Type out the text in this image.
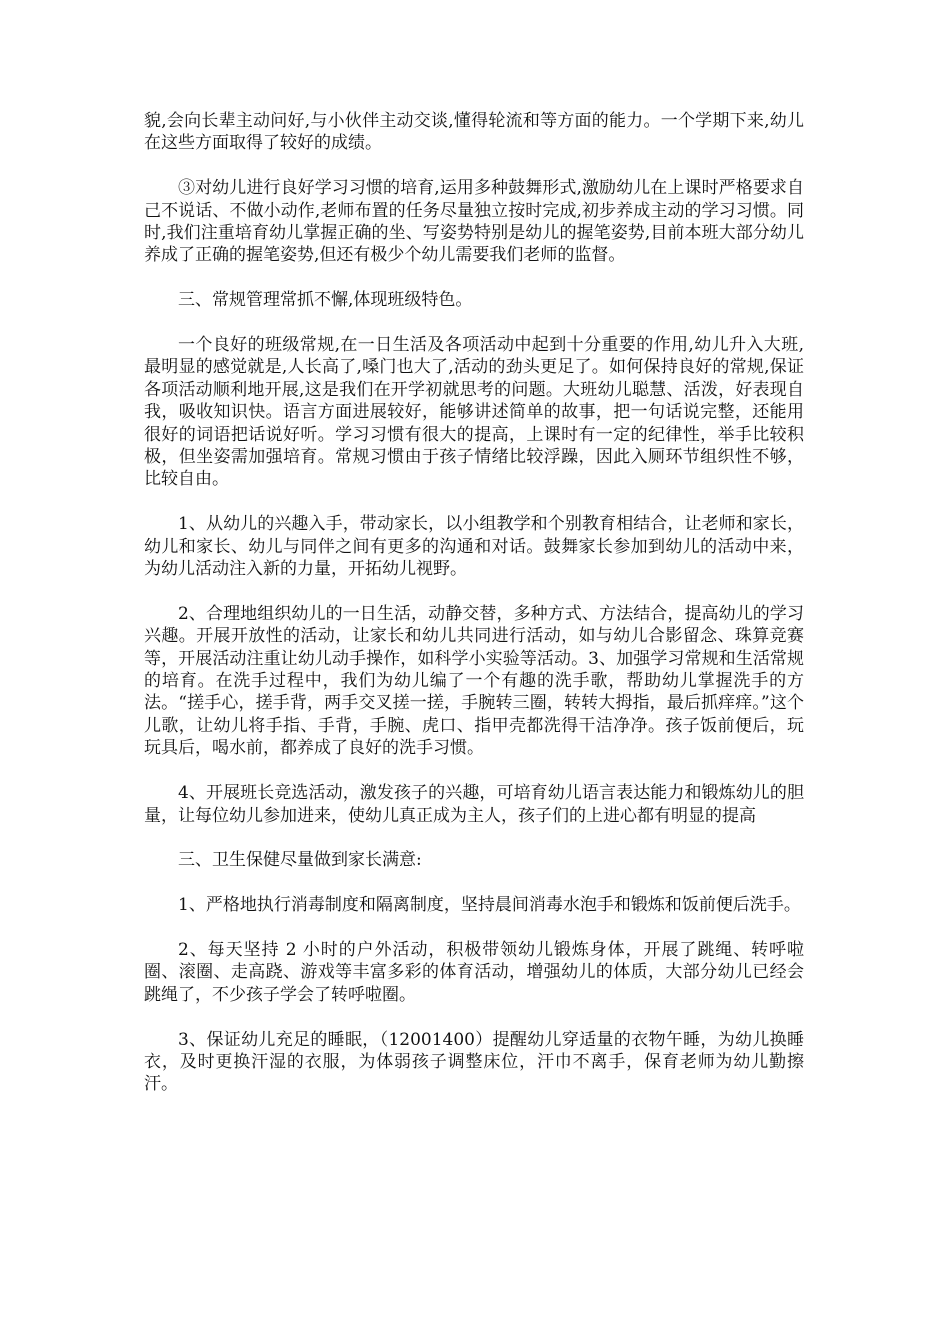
貌,会向长辈主动问好,与小伙伴主动交谈,懂得轮流和等方面的能力。一个学期下来,幼儿在这些方面取得了较好的成绩。

③对幼儿进行良好学习习惯的培育,运用多种鼓舞形式,激励幼儿在上课时严格要求自己不说话、不做小动作,老师布置的任务尽量独立按时完成,初步养成主动的学习习惯。同时,我们注重培育幼儿掌握正确的坐、写姿势特别是幼儿的握笔姿势,目前本班大部分幼儿养成了正确的握笔姿势,但还有极少个幼儿需要我们老师的监督。

三、常规管理常抓不懈,体现班级特色。

一个良好的班级常规,在一日生活及各项活动中起到十分重要的作用,幼儿升入大班,最明显的感觉就是,人长高了,嗓门也大了,活动的劲头更足了。如何保持良好的常规,保证各项活动顺利地开展,这是我们在开学初就思考的问题。大班幼儿聪慧、活泼，好表现自我，吸收知识快。语言方面进展较好，能够讲述简单的故事，把一句话说完整，还能用很好的词语把话说好听。学习习惯有很大的提高，上课时有一定的纪律性，举手比较积极，但坐姿需加强培育。常规习惯由于孩子情绪比较浮躁，因此入厕环节组织性不够，比较自由。

1、从幼儿的兴趣入手，带动家长，以小组教学和个别教育相结合，让老师和家长，幼儿和家长、幼儿与同伴之间有更多的沟通和对话。鼓舞家长参加到幼儿的活动中来，为幼儿活动注入新的力量，开拓幼儿视野。

2、合理地组织幼儿的一日生活，动静交替，多种方式、方法结合，提高幼儿的学习兴趣。开展开放性的活动，让家长和幼儿共同进行活动，如与幼儿合影留念、珠算竞赛等，开展活动注重让幼儿动手操作，如科学小实验等活动。3、加强学习常规和生活常规的培育。在洗手过程中，我们为幼儿编了一个有趣的洗手歌，帮助幼儿掌握洗手的方法。“搓手心，搓手背，两手交叉搓一搓，手腕转三圈，转转大拇指，最后抓痒痒。”这个儿歌，让幼儿将手指、手背，手腕、虎口、指甲壳都洗得干洁净净。孩子饭前便后，玩玩具后，喝水前，都养成了良好的洗手习惯。

4、开展班长竞选活动，激发孩子的兴趣，可培育幼儿语言表达能力和锻炼幼儿的胆量，让每位幼儿参加进来，使幼儿真正成为主人，孩子们的上进心都有明显的提高

三、卫生保健尽量做到家长满意:

1、严格地执行消毒制度和隔离制度，坚持晨间消毒水泡手和锻炼和饭前便后洗手。

2、每天坚持 2 小时的户外活动，积极带领幼儿锻炼身体，开展了跳绳、转呼啦圈、滚圈、走高跷、游戏等丰富多彩的体育活动，增强幼儿的体质，大部分幼儿已经会跳绳了，不少孩子学会了转呼啦圈。

3、保证幼儿充足的睡眠，（12001400）提醒幼儿穿适量的衣物午睡，为幼儿换睡衣，及时更换汗湿的衣服，为体弱孩子调整床位，汗巾不离手，保育老师为幼儿勤擦汗。
